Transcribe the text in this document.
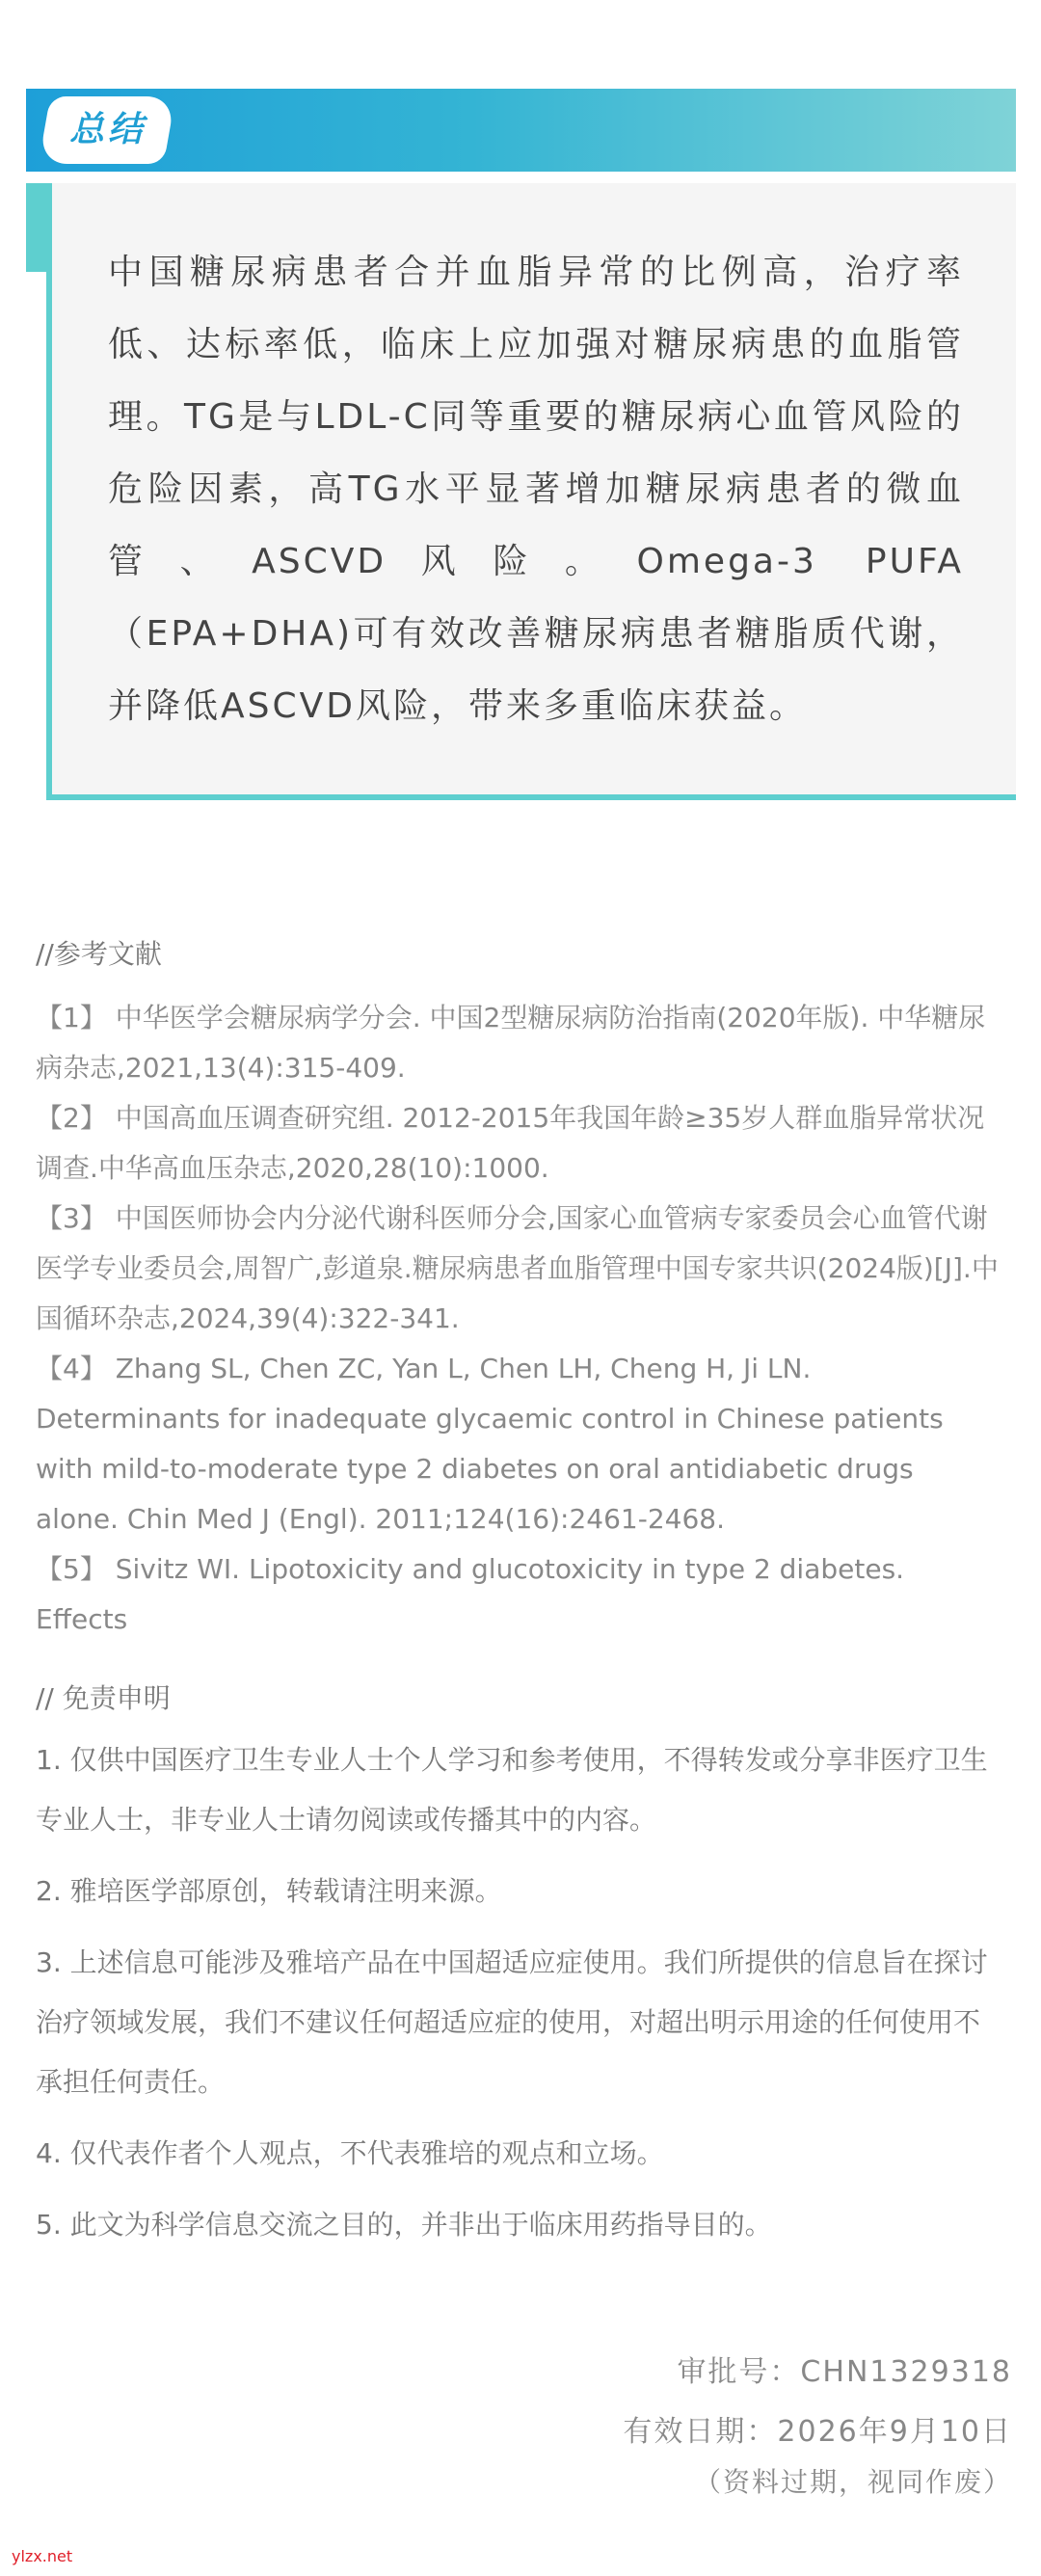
总结

中国糖尿病患者合并血脂异常的比例高，治疗率低、达标率低，临床上应加强对糖尿病患的血脂管理。TG是与LDL-C同等重要的糖尿病心血管风险的危险因素，高TG水平显著增加糖尿病患者的微血管、ASCVD风险。Omega-3 PUFA（EPA+DHA)可有效改善糖尿病患者糖脂质代谢，并降低ASCVD风险，带来多重临床获益。

//参考文献
【1】 中华医学会糖尿病学分会. 中国2型糖尿病防治指南(2020年版). 中华糖尿病杂志,2021,13(4):315-409.
【2】 中国高血压调查研究组. 2012-2015年我国年龄≥35岁人群血脂异常状况调查.中华高血压杂志,2020,28(10):1000.
【3】 中国医师协会内分泌代谢科医师分会,国家心血管病专家委员会心血管代谢医学专业委员会,周智广,彭道泉.糖尿病患者血脂管理中国专家共识(2024版)[J].中国循环杂志,2024,39(4):322-341.
【4】 Zhang SL, Chen ZC, Yan L, Chen LH, Cheng H, Ji LN. Determinants for inadequate glycaemic control in Chinese patients with mild-to-moderate type 2 diabetes on oral antidiabetic drugs alone. Chin Med J (Engl). 2011;124(16):2461-2468.
【5】 Sivitz WI. Lipotoxicity and glucotoxicity in type 2 diabetes. Effects
// 免责申明
1. 仅供中国医疗卫生专业人士个人学习和参考使用，不得转发或分享非医疗卫生专业人士，非专业人士请勿阅读或传播其中的内容。
2. 雅培医学部原创，转载请注明来源。
3. 上述信息可能涉及雅培产品在中国超适应症使用。我们所提供的信息旨在探讨治疗领域发展，我们不建议任何超适应症的使用，对超出明示用途的任何使用不承担任何责任。
4. 仅代表作者个人观点，不代表雅培的观点和立场。
5. 此文为科学信息交流之目的，并非出于临床用药指导目的。
审批号：CHN1329318
有效日期：2026年9月10日
（资料过期，视同作废）
ylzx.net
